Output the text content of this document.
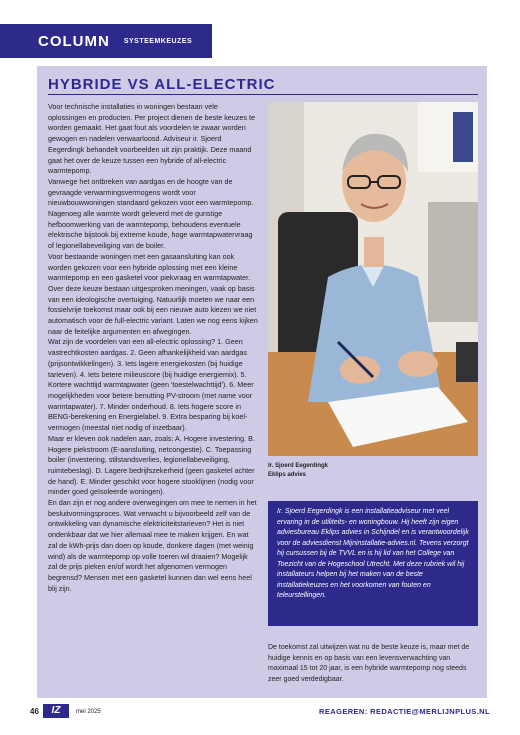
COLUMN SYSTEEMKEUZES
HYBRIDE VS ALL-ELECTRIC

Voor technische installaties in woningen bestaan vele oplossingen en producten. Per project dienen de beste keuzes te worden gemaakt. Het gaat fout als voordelen te zwaar worden gewogen en nadelen verwaarloosd. Adviseur ir. Sjoerd Eegerdingk behandelt voorbeelden uit zijn praktijk. Deze maand gaat het over de keuze tussen een hybride of all-electric warmtepomp.

Vanwege het ontbreken van aardgas en de hoogte van de gevraagde verwarmingsvermogens wordt voor nieuwbouwwoningen standaard gekozen voor een warmtepomp. Nagenoeg alle warmte wordt geleverd met de gunstige hefboomwerking van de warmtepomp, behoudens eventuele elektrische bijstook bij extreme koude, hoge warmtapwatervraag of legionellabeveiliging van de boiler.

Voor bestaande woningen met een gasaansluiting kan ook worden gekozen voor een hybride oplossing met een kleine warmtepomp en een gasketel voor piekvraag en warmtapwater. Over deze keuze bestaan uitgesproken meningen, vaak op basis van een ideologische overtuiging. Natuurlijk moeten we naar een fossielvrije toekomst maar ook bij een nieuwe auto kiezen we niet automatisch voor de full-electric variant. Laten we nog eens kijken naar de feitelijke argumenten en afwegingen.

Wat zijn de voordelen van een all-electric oplossing? 1. Geen vastrechtkosten aardgas. 2. Geen afhankelijkheid van aardgas (prijsontwikkelingen). 3. Iets lagere energiekosten (bij huidige tarieven). 4. Iets betere milieuscore (bij huidige energiemix). 5. Kortere wachttijd warmtapwater (geen 'toestelwachttijd'). 6. Meer mogelijkheden voor betere benutting PV-stroom (met name voor warmtapwater). 7. Minder onderhoud. 8. Iets hogere score in BENG-berekening en Energielabel. 9. Extra besparing bij koel-vermogen (meestal niet nodig of inzetbaar).

Maar er kleven ook nadelen aan, zoals: A. Hogere investering. B. Hogere piekstroom (E-aansluiting, netcongestie). C. Toepassing boiler (investering, stilstandsverlies, legionellabeveiliging, ruimtebeslag). D. Lagere bedrijfszekerheid (geen gasketel achter de hand). E. Minder geschikt voor hogere stooklijnen (nodig voor minder goed geïsoleerde woningen).

En dan zijn er nog andere overwegingen om mee te nemen in het besluitvormingsproces. Wat verwacht u bijvoorbeeld zelf van de ontwikkeling van dynamische elektriciteitstarieven? Het is niet ondenkbaar dat we hier allemaal mee te maken krijgen. En wat zal de kWh-prijs dan doen op koude, donkere dagen (met weinig wind) als de warmtepomp op volle toeren wil draaien? Mogelijk zal de prijs pieken en/of wordt het afgenomen vermogen begrensd? Mensen met een gasketel kunnen dan wel eens heel blij zijn.

Ir. Sjoerd Eegerdingk
Eklips advies
Ir. Sjoerd Eegerdingk is een installatieadviseur met veel ervaring in de utiliteits- en woningbouw. Hij heeft zijn eigen adviesbureau Eklips advies in Schijndel en is verantwoordelijk voor de adviesdienst Mijninstallatie-advies.nl. Tevens verzorgt hij cursussen bij de TVVL en is hij lid van het College van Toezicht van de Hogeschool Utrecht. Met deze rubriek wil hij installateurs helpen bij het maken van de beste installatiekeuzes en het voorkomen van fouten en teleurstellingen.
De toekomst zal uitwijzen wat nu de beste keuze is, maar met de huidige kennis en op basis van een levensverwachting van maximaal 15 tot 20 jaar, is een hybride warmtepomp nog steeds zeer goed verdedigbaar.
46	IZ	mei 2025	REAGEREN: REDACTIE@MERLIJNPLUS.NL
